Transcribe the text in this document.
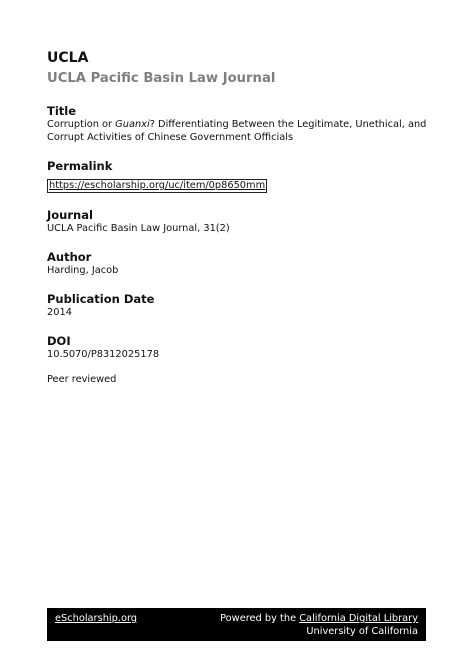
UCLA

UCLA Pacific Basin Law Journal

Title

Corruption or Guanxi? Differentiating Between the Legitimate, Unethical, and Corrupt Activities of Chinese Government Officials

Permalink

https://escholarship.org/uc/item/0p8650mm

Journal

UCLA Pacific Basin Law Journal, 31(2)

Author

Harding, Jacob

Publication Date

2014

DOI

10.5070/P8312025178

Peer reviewed

eScholarship.org	Powered by the California Digital Library
University of California
